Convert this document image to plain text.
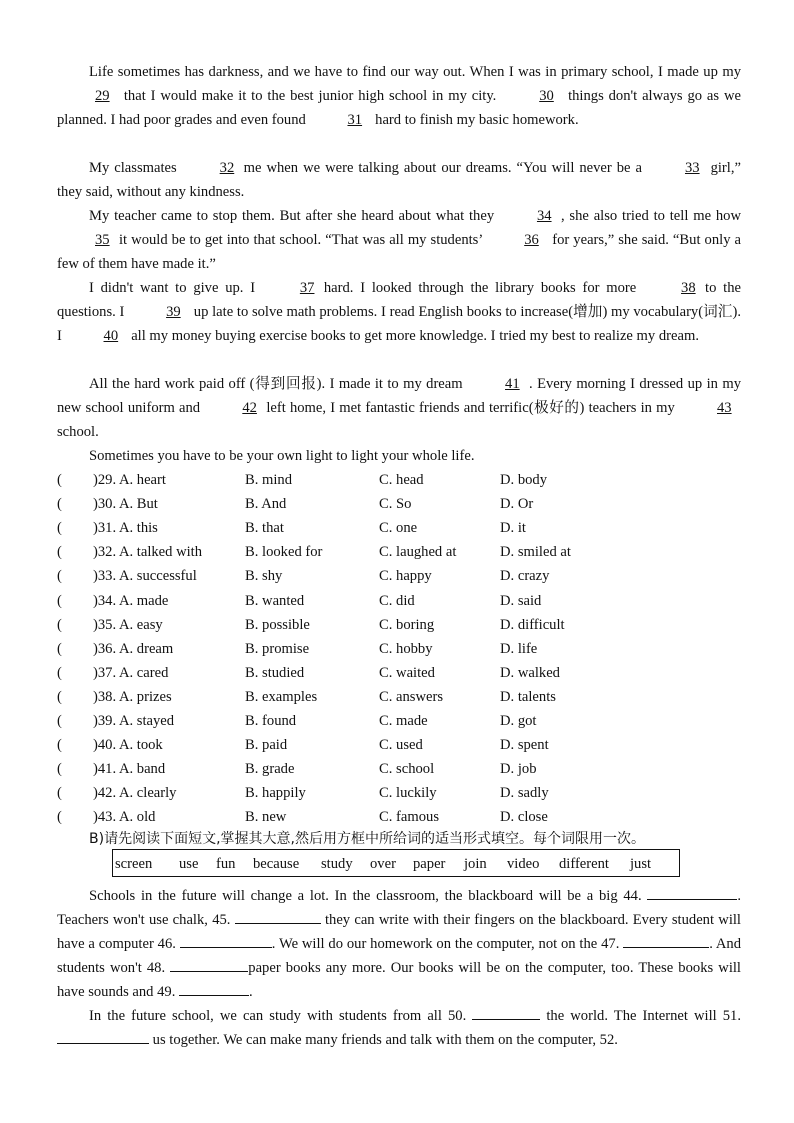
Life sometimes has darkness, and we have to find our way out. When I was in primary school, I made up my 29 that I would make it to the best junior high school in my city.	30 things don't always go as we planned. I had poor grades and even found	31 hard to finish my basic homework.
My classmates	32 me when we were talking about our dreams. “You will never be a	33 girl,” they said, without any kindness.
My teacher came to stop them. But after she heard about what they	34 , she also tried to tell me how 35 it would be to get into that school. “That was all my students’	36 for years,” she said. “But only a few of them have made it.”
I didn't want to give up. I	37 hard. I looked through the library books for more	38 to the questions. I	39 up late to solve math problems. I read English books to increase(增加) my vocabulary(词汇). I	40 all my money buying exercise books to get more knowledge. I tried my best to realize my dream.
All the hard work paid off (得到回报). I made it to my dream	41 . Every morning I dressed up in my new school uniform and	42 left home, I met fantastic friends and terrific(极好的) teachers in my	43school.
Sometimes you have to be your own light to light your whole life.
( )29. A. heart	B. mind	C. head	D. body
( )30. A. But	B. And	C. So	D. Or
( )31. A. this	B. that	C. one	D. it
( )32. A. talked with	B. looked for	C. laughed at	D. smiled at
( )33. A. successful	B. shy	C. happy	D. crazy
( )34. A. made	B. wanted	C. did	D. said
( )35. A. easy	B. possible	C. boring	D. difficult
( )36. A. dream	B. promise	C. hobby	D. life
( )37. A. cared	B. studied	C. waited	D. walked
( )38. A. prizes	B. examples	C. answers	D. talents
( )39. A. stayed	B. found	C. made	D. got
( )40. A. took	B. paid	C. used	D. spent
( )41. A. band	B. grade	C. school	D. job
( )42. A. clearly	B. happily	C. luckily	D. sadly
( )43. A. old	B. new	C. famous	D. close
B)请先阅读下面短文,掌握其大意,然后用方框中所给词的适当形式填空。每个词限用一次。
screen use fun because study over paper join video different just
Schools in the future will change a lot. In the classroom, the blackboard will be a big 44.	. Teachers won't use chalk, 45.	they can write with their fingers on the blackboard. Every student will have a computer 46.	. We will do our homework on the computer, not on the 47.	. And students won't 48.	paper books any more. Our books will be on the computer, too. These books will have sounds and 49.	.
In the future school, we can study with students from all 50.	the world. The Internet will 51.  us together. We can make many friends and talk with them on the computer, 52.
